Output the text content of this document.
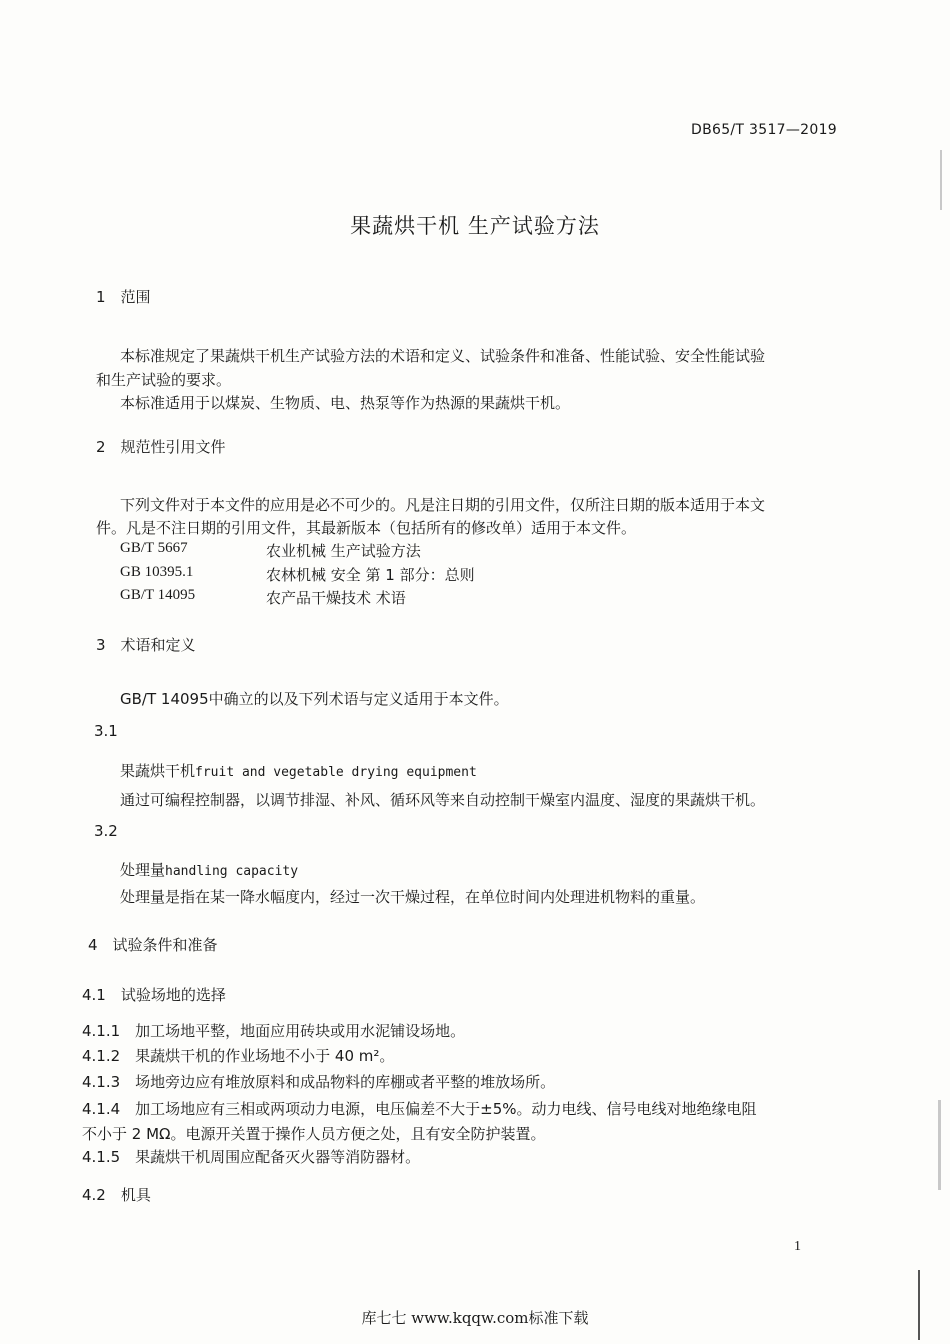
DB65/T 3517—2019
果蔬烘干机 生产试验方法
1　范围
本标准规定了果蔬烘干机生产试验方法的术语和定义、试验条件和准备、性能试验、安全性能试验
和生产试验的要求。
本标准适用于以煤炭、生物质、电、热泵等作为热源的果蔬烘干机。
2　规范性引用文件
下列文件对于本文件的应用是必不可少的。凡是注日期的引用文件，仅所注日期的版本适用于本文
件。凡是不注日期的引用文件，其最新版本（包括所有的修改单）适用于本文件。
GB/T 5667	农业机械 生产试验方法
GB 10395.1	农林机械 安全 第 1 部分：总则
GB/T 14095	农产品干燥技术 术语
3　术语和定义
GB/T 14095中确立的以及下列术语与定义适用于本文件。
3.1
果蔬烘干机fruit and vegetable drying equipment
通过可编程控制器，以调节排湿、补风、循环风等来自动控制干燥室内温度、湿度的果蔬烘干机。
3.2
处理量handling capacity
处理量是指在某一降水幅度内，经过一次干燥过程，在单位时间内处理进机物料的重量。
4　试验条件和准备
4.1　试验场地的选择
4.1.1　加工场地平整，地面应用砖块或用水泥铺设场地。
4.1.2　果蔬烘干机的作业场地不小于 40 m²。
4.1.3　场地旁边应有堆放原料和成品物料的库棚或者平整的堆放场所。
4.1.4　加工场地应有三相或两项动力电源，电压偏差不大于±5%。动力电线、信号电线对地绝缘电阻
不小于 2 MΩ。电源开关置于操作人员方便之处，且有安全防护装置。
4.1.5　果蔬烘干机周围应配备灭火器等消防器材。
4.2　机具
1
库七七 www.kqqw.com标准下载
